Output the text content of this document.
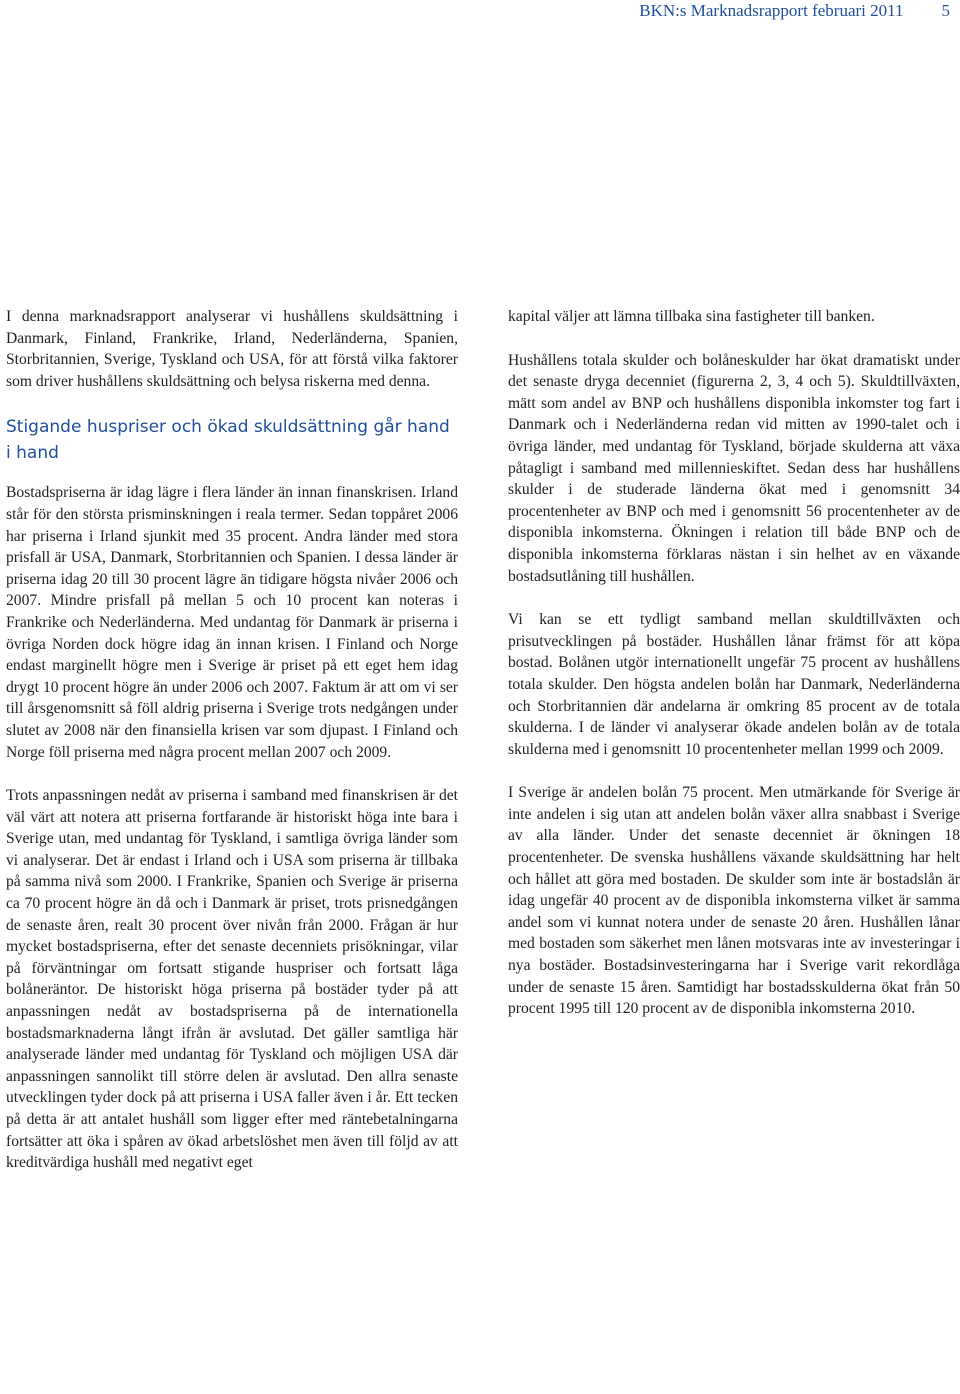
BKN:s Marknadsrapport februari 2011 5

I denna marknadsrapport analyserar vi hushållens skuldsättning i Danmark, Finland, Frankrike, Irland, Nederländerna, Spanien, Storbritannien, Sverige, Tyskland och USA, för att förstå vilka faktorer som driver hushållens skuldsättning och belysa riskerna med denna.

Stigande huspriser och ökad skuldsättning går hand i hand

Bostadspriserna är idag lägre i flera länder än innan finanskrisen. Irland står för den största prisminskningen i reala termer. Sedan toppåret 2006 har priserna i Irland sjunkit med 35 procent. Andra länder med stora prisfall är USA, Danmark, Storbritannien och Spanien. I dessa länder är priserna idag 20 till 30 procent lägre än tidigare högsta nivåer 2006 och 2007. Mindre prisfall på mellan 5 och 10 procent kan noteras i Frankrike och Nederländerna. Med undantag för Danmark är priserna i övriga Norden dock högre idag än innan krisen. I Finland och Norge endast marginellt högre men i Sverige är priset på ett eget hem idag drygt 10 procent högre än under 2006 och 2007. Faktum är att om vi ser till årsgenomsnitt så föll aldrig priserna i Sverige trots nedgången under slutet av 2008 när den finansiella krisen var som djupast. I Finland och Norge föll priserna med några procent mellan 2007 och 2009.

Trots anpassningen nedåt av priserna i samband med finanskrisen är det väl värt att notera att priserna fortfarande är historiskt höga inte bara i Sverige utan, med undantag för Tyskland, i samtliga övriga länder som vi analyserar. Det är endast i Irland och i USA som priserna är tillbaka på samma nivå som 2000. I Frankrike, Spanien och Sverige är priserna ca 70 procent högre än då och i Danmark är priset, trots prisnedgången de senaste åren, realt 30 procent över nivån från 2000. Frågan är hur mycket bostadspriserna, efter det senaste decenniets prisökningar, vilar på förväntningar om fortsatt stigande huspriser och fortsatt låga bolåneräntor. De historiskt höga priserna på bostäder tyder på att anpassningen nedåt av bostadspriserna på de internationella bostadsmarknaderna långt ifrån är avslutad. Det gäller samtliga här analyserade länder med undantag för Tyskland och möjligen USA där anpassningen sannolikt till större delen är avslutad. Den allra senaste utvecklingen tyder dock på att priserna i USA faller även i år. Ett tecken på detta är att antalet hushåll som ligger efter med räntebetalningarna fortsätter att öka i spåren av ökad arbetslöshet men även till följd av att kreditvärdiga hushåll med negativt eget

kapital väljer att lämna tillbaka sina fastigheter till banken.

Hushållens totala skulder och bolåneskulder har ökat dramatiskt under det senaste dryga decenniet (figurerna 2, 3, 4 och 5). Skuldtillväxten, mätt som andel av BNP och hushållens disponibla inkomster tog fart i Danmark och i Nederländerna redan vid mitten av 1990-talet och i övriga länder, med undantag för Tyskland, började skulderna att växa påtagligt i samband med millennieskiftet. Sedan dess har hushållens skulder i de studerade länderna ökat med i genomsnitt 34 procentenheter av BNP och med i genomsnitt 56 procentenheter av de disponibla inkomsterna. Ökningen i relation till både BNP och de disponibla inkomsterna förklaras nästan i sin helhet av en växande bostadsutlåning till hushållen.

Vi kan se ett tydligt samband mellan skuldtillväxten och prisutvecklingen på bostäder. Hushållen lånar främst för att köpa bostad. Bolånen utgör internationellt ungefär 75 procent av hushållens totala skulder. Den högsta andelen bolån har Danmark, Nederländerna och Storbritannien där andelarna är omkring 85 procent av de totala skulderna. I de länder vi analyserar ökade andelen bolån av de totala skulderna med i genomsnitt 10 procentenheter mellan 1999 och 2009.

I Sverige är andelen bolån 75 procent. Men utmärkande för Sverige är inte andelen i sig utan att andelen bolån växer allra snabbast i Sverige av alla länder. Under det senaste decenniet är ökningen 18 procentenheter. De svenska hushållens växande skuldsättning har helt och hållet att göra med bostaden. De skulder som inte är bostadslån är idag ungefär 40 procent av de disponibla inkomsterna vilket är samma andel som vi kunnat notera under de senaste 20 åren. Hushållen lånar med bostaden som säkerhet men lånen motsvaras inte av investeringar i nya bostäder. Bostadsinvesteringarna har i Sverige varit rekordlåga under de senaste 15 åren. Samtidigt har bostadsskulderna ökat från 50 procent 1995 till 120 procent av de disponibla inkomsterna 2010.
